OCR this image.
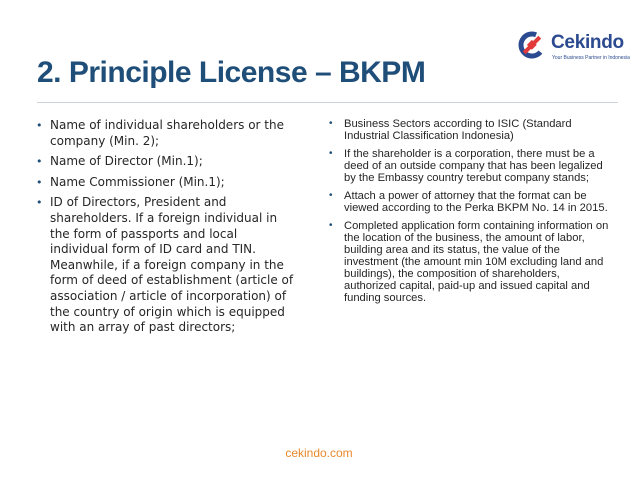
Cekindo
Your Business Partner in Indonesia
2. Principle License – BKPM
• Name of individual shareholders or the company (Min. 2);
• Name of Director (Min.1);
• Name Commissioner (Min.1);
• ID of Directors, President and shareholders. If a foreign individual in the form of passports and local individual form of ID card and TIN. Meanwhile, if a foreign company in the form of deed of establishment (article of association / article of incorporation) of the country of origin which is equipped with an array of past directors;
• Business Sectors according to ISIC (Standard Industrial Classification Indonesia)
• If the shareholder is a corporation, there must be a deed of an outside company that has been legalized by the Embassy country terebut company stands;
• Attach a power of attorney that the format can be viewed according to the Perka BKPM No. 14 in 2015.
• Completed application form containing information on the location of the business, the amount of labor, building area and its status, the value of the investment (the amount min 10M excluding land and buildings), the composition of shareholders, authorized capital, paid-up and issued capital and funding sources.
cekindo.com
